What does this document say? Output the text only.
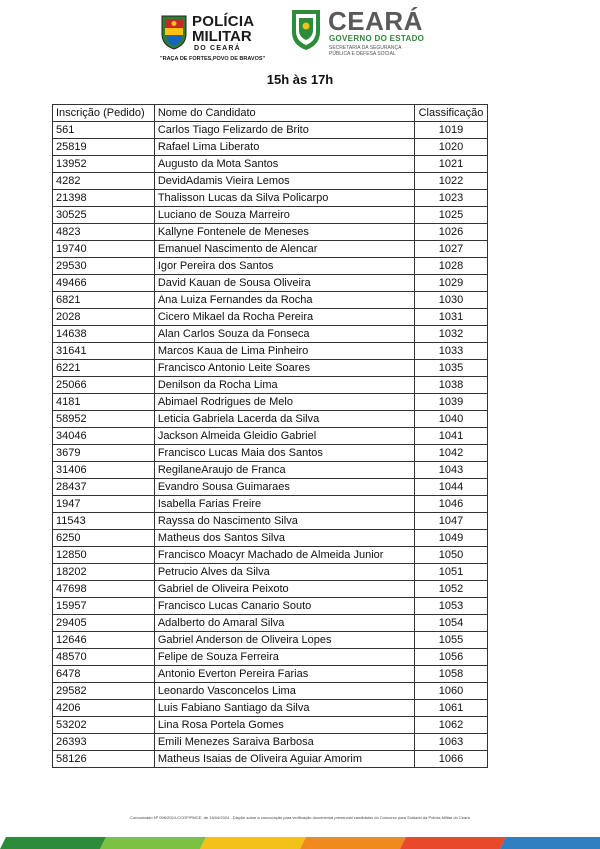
POLÍCIA
MILITAR
DO CEARÁ
"RAÇA DE FORTES,POVO DE BRAVOS"
CEARÁ
GOVERNO DO ESTADO
SECRETARIA DA SEGURANÇA
PÚBLICA E DEFESA SOCIAL
15h às 17h
Inscrição (Pedido)	Nome do Candidato	Classificação
561	Carlos Tiago Felizardo de Brito	1019
25819	Rafael Lima Liberato	1020
13952	Augusto da Mota Santos	1021
4282	DevidAdamis Vieira Lemos	1022
21398	Thalisson Lucas da Silva Policarpo	1023
30525	Luciano de Souza Marreiro	1025
4823	Kallyne Fontenele de Meneses	1026
19740	Emanuel Nascimento de Alencar	1027
29530	Igor Pereira dos Santos	1028
49466	David Kauan de Sousa Oliveira	1029
6821	Ana Luiza Fernandes da Rocha	1030
2028	Cicero Mikael da Rocha Pereira	1031
14638	Alan Carlos Souza da Fonseca	1032
31641	Marcos Kaua de Lima Pinheiro	1033
6221	Francisco Antonio Leite Soares	1035
25066	Denilson da Rocha Lima	1038
4181	Abimael Rodrigues de Melo	1039
58952	Leticia Gabriela Lacerda da Silva	1040
34046	Jackson Almeida Gleidio Gabriel	1041
3679	Francisco Lucas Maia dos Santos	1042
31406	RegilaneAraujo de Franca	1043
28437	Evandro Sousa Guimaraes	1044
1947	Isabella Farias Freire	1046
11543	Rayssa do Nascimento Silva	1047
6250	Matheus dos Santos Silva	1049
12850	Francisco Moacyr Machado de Almeida Junior	1050
18202	Petrucio Alves da Silva	1051
47698	Gabriel de Oliveira Peixoto	1052
15957	Francisco Lucas Canario Souto	1053
29405	Adalberto do Amaral Silva	1054
12646	Gabriel Anderson de Oliveira Lopes	1055
48570	Felipe de Souza Ferreira	1056
6478	Antonio Everton Pereira Farias	1058
29582	Leonardo Vasconcelos Lima	1060
4206	Luis Fabiano Santiago da Silva	1061
53202	Lina Rosa Portela Gomes	1062
26393	Emili Menezes Saraiva Barbosa	1063
58126	Matheus Isaias de Oliveira Aguiar Amorim	1066
Comunicado Nº 098/2024-CCOP/PMCE, de 15/04/2024 - Dispõe sobre a convocação para verificação documental presencial candidatos do Concurso para Soldado da Polícia Militar do Ceará
